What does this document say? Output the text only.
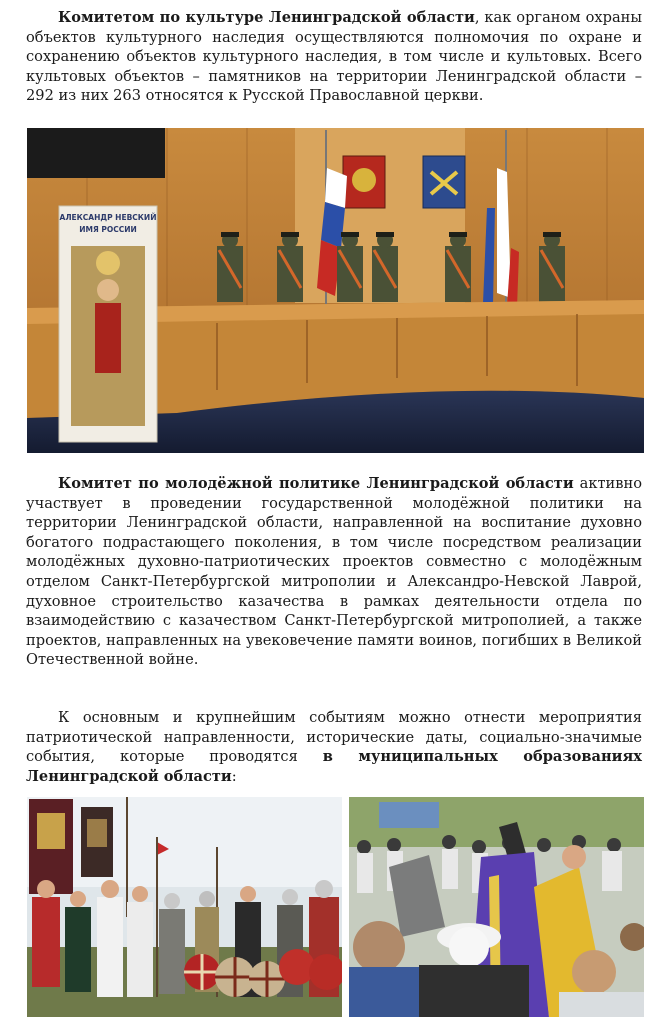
Комитетом по культуре Ленинградской области, как органом охраны объектов культурного наследия осуществляются полномочия по охране и сохранению объектов культурного наследия, в том числе и культовых. Всего культовых объектов – памятников на территории Ленинградской области – 292 из них 263 относятся к Русской Православной церкви.

АЛЕКСАНДР НЕВСКИЙ
ИМЯ РОССИИ

Комитет по молодёжной политике Ленинградской области активно участвует в проведении государственной молодёжной политики на территории Ленинградской области, направленной на воспитание духовно богатого подрастающего поколения, в том числе посредством реализации молодёжных духовно-патриотических проектов совместно с молодёжным отделом Санкт-Петербургской митрополии и Александро-Невской Лаврой, духовное строительство казачества в рамках деятельности отдела по взаимодействию с казачеством Санкт-Петербургской митрополией, а также проектов, направленных на увековечение памяти воинов, погибших в Великой Отечественной войне.

К основным и крупнейшим событиям можно отнести мероприятия патриотической направленности, исторические даты, социально-значимые события, которые проводятся в муниципальных образованиях Ленинградской области:
